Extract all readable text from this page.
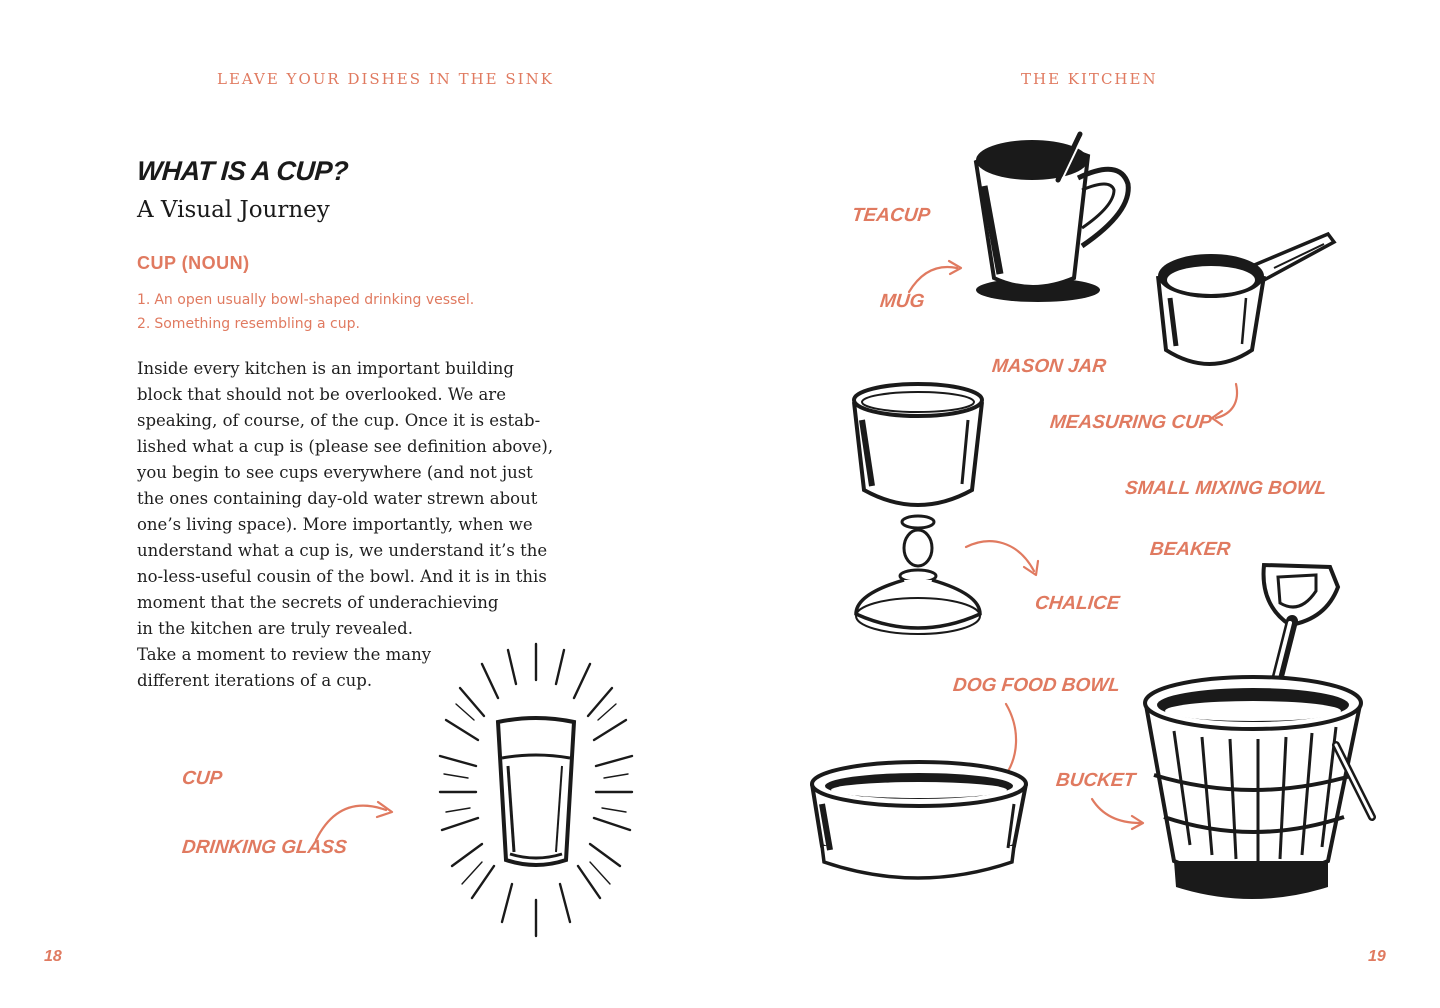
LEAVE YOUR DISHES IN THE SINK
WHAT IS A CUP?
A Visual Journey
CUP (NOUN)
1. An open usually bowl-shaped drinking vessel.
2. Something resembling a cup.
Inside every kitchen is an important building
block that should not be overlooked. We are
speaking, of course, of the cup. Once it is estab-
lished what a cup is (please see definition above),
you begin to see cups everywhere (and not just
the ones containing day-old water strewn about
one’s living space). More importantly, when we
understand what a cup is, we understand it’s the
no-less-useful cousin of the bowl. And it is in this
moment that the secrets of underachieving
in the kitchen are truly revealed.
Take a moment to review the many
different iterations of a cup.
CUP
DRINKING GLASS
18
THE KITCHEN
TEACUP
MUG
MASON JAR
MEASURING CUP
SMALL MIXING BOWL
BEAKER
CHALICE
DOG FOOD BOWL
BUCKET
19
